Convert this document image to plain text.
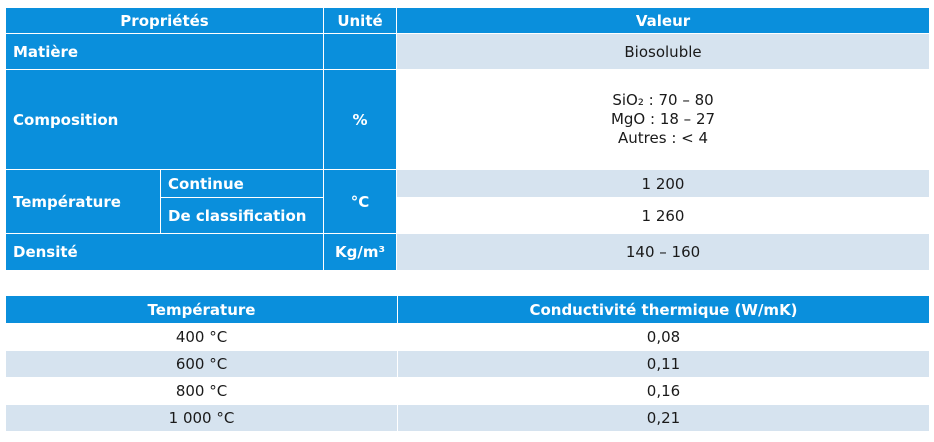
Propriétés		Unité	Valeur
Matière			Biosoluble
Composition		%	SiO₂ : 70 – 80
MgO : 18 – 27
Autres : < 4

Température	Continue	°C	1 200
	De classification		1 260
Densité		Kg/m³	140 – 160
Température	Conductivité thermique (W/mK)
400 °C	0,08
600 °C	0,11
800 °C	0,16
1 000 °C	0,21
